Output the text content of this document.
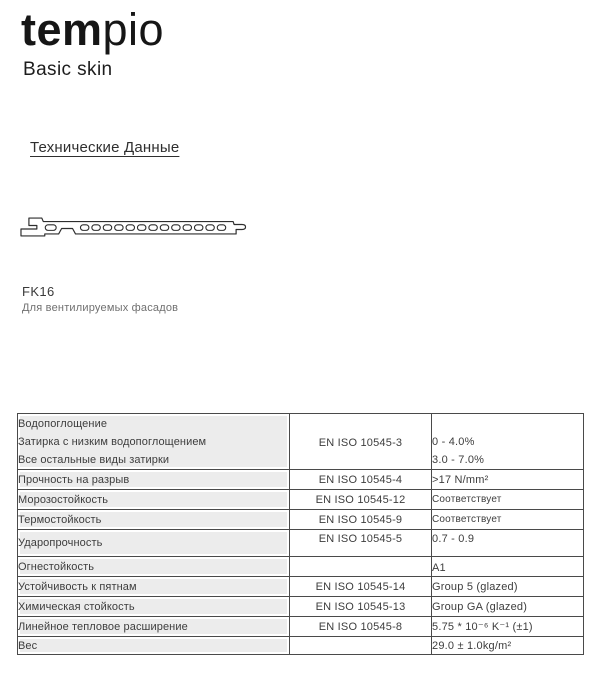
tempio
Basic skin
Технические Данные
FK16
Для вентилируемых фасадов
Водопоглощение
Затирка с низким водопоглощением
Все остальные виды затирки
	EN ISO 10545-3	0 - 4.0%
3.0 - 7.0%

Прочность на разрыв	EN ISO 10545-4	>17 N/mm²
Морозостойкость	EN ISO 10545-12	Соответствует
Термостойкость	EN ISO 10545-9	Соответствует
Ударопрочность	EN ISO 10545-5	0.7 - 0.9
Огнестойкость		A1
Устойчивость к пятнам	EN ISO 10545-14	Group 5 (glazed)
Химическая стойкость	EN ISO 10545-13	Group GA (glazed)
Линейное тепловое расширение	EN ISO 10545-8	5.75 * 10⁻⁶ K⁻¹ (±1)
Вес		29.0 ± 1.0kg/m²
